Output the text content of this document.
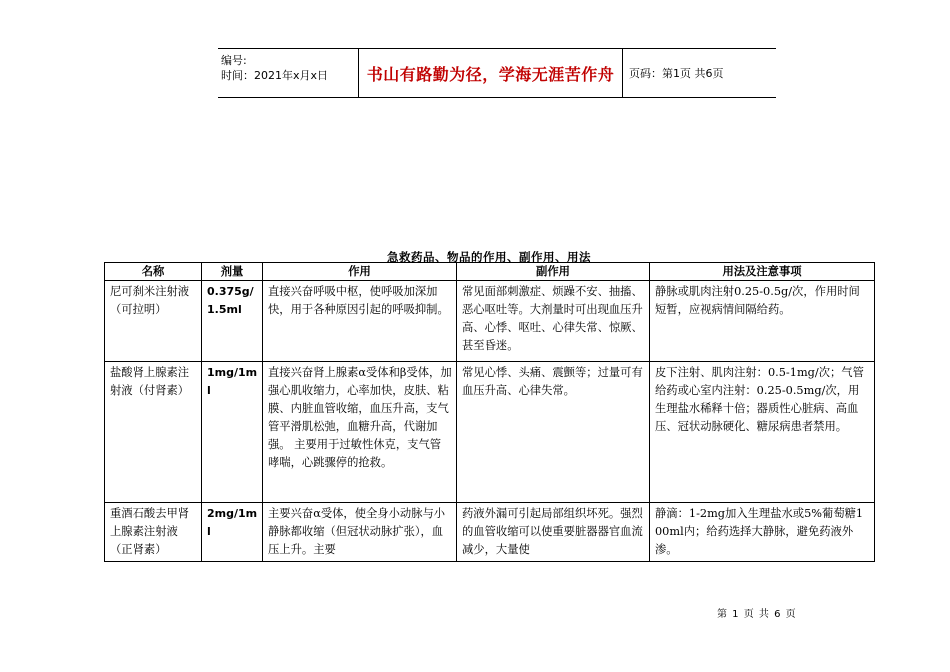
编号:
时间：2021年x月x日	书山有路勤为径，学海无涯苦作舟	页码：第1页 共6页
急救药品、物品的作用、副作用、用法
名称	剂量	作用	副作用	用法及注意事项
尼可刹米注射液（可拉明）	0.375g/1.5ml	直接兴奋呼吸中枢，使呼吸加深加快，用于各种原因引起的呼吸抑制。	常见面部刺激症、烦躁不安、抽搐、恶心呕吐等。大剂量时可出现血压升高、心悸、呕吐、心律失常、惊厥、甚至昏迷。	静脉或肌肉注射0.25-0.5g/次，作用时间短暂，应视病情间隔给药。
盐酸肾上腺素注射液（付肾素）	1mg/1ml	直接兴奋肾上腺素α受体和β受体，加强心肌收缩力，心率加快，皮肤、粘膜、内脏血管收缩，血压升高，支气管平滑肌松弛，血糖升高，代谢加强。 主要用于过敏性休克，支气管哮喘，心跳骤停的抢救。	常见心悸、头痛、震颤等；过量可有血压升高、心律失常。	皮下注射、肌肉注射：0.5-1mg/次；气管给药或心室内注射：0.25-0.5mg/次，用生理盐水稀释十倍；器质性心脏病、高血压、冠状动脉硬化、糖尿病患者禁用。
重酒石酸去甲肾上腺素注射液（正肾素）	2mg/1ml	主要兴奋α受体，使全身小动脉与小静脉都收缩（但冠状动脉扩张），血压上升。主要	药液外漏可引起局部组织坏死。强烈的血管收缩可以使重要脏器器官血流减少，大量使	静滴：1-2mg加入生理盐水或5%葡萄糖100ml内；给药选择大静脉，避免药液外渗。
第 1 页 共 6 页
